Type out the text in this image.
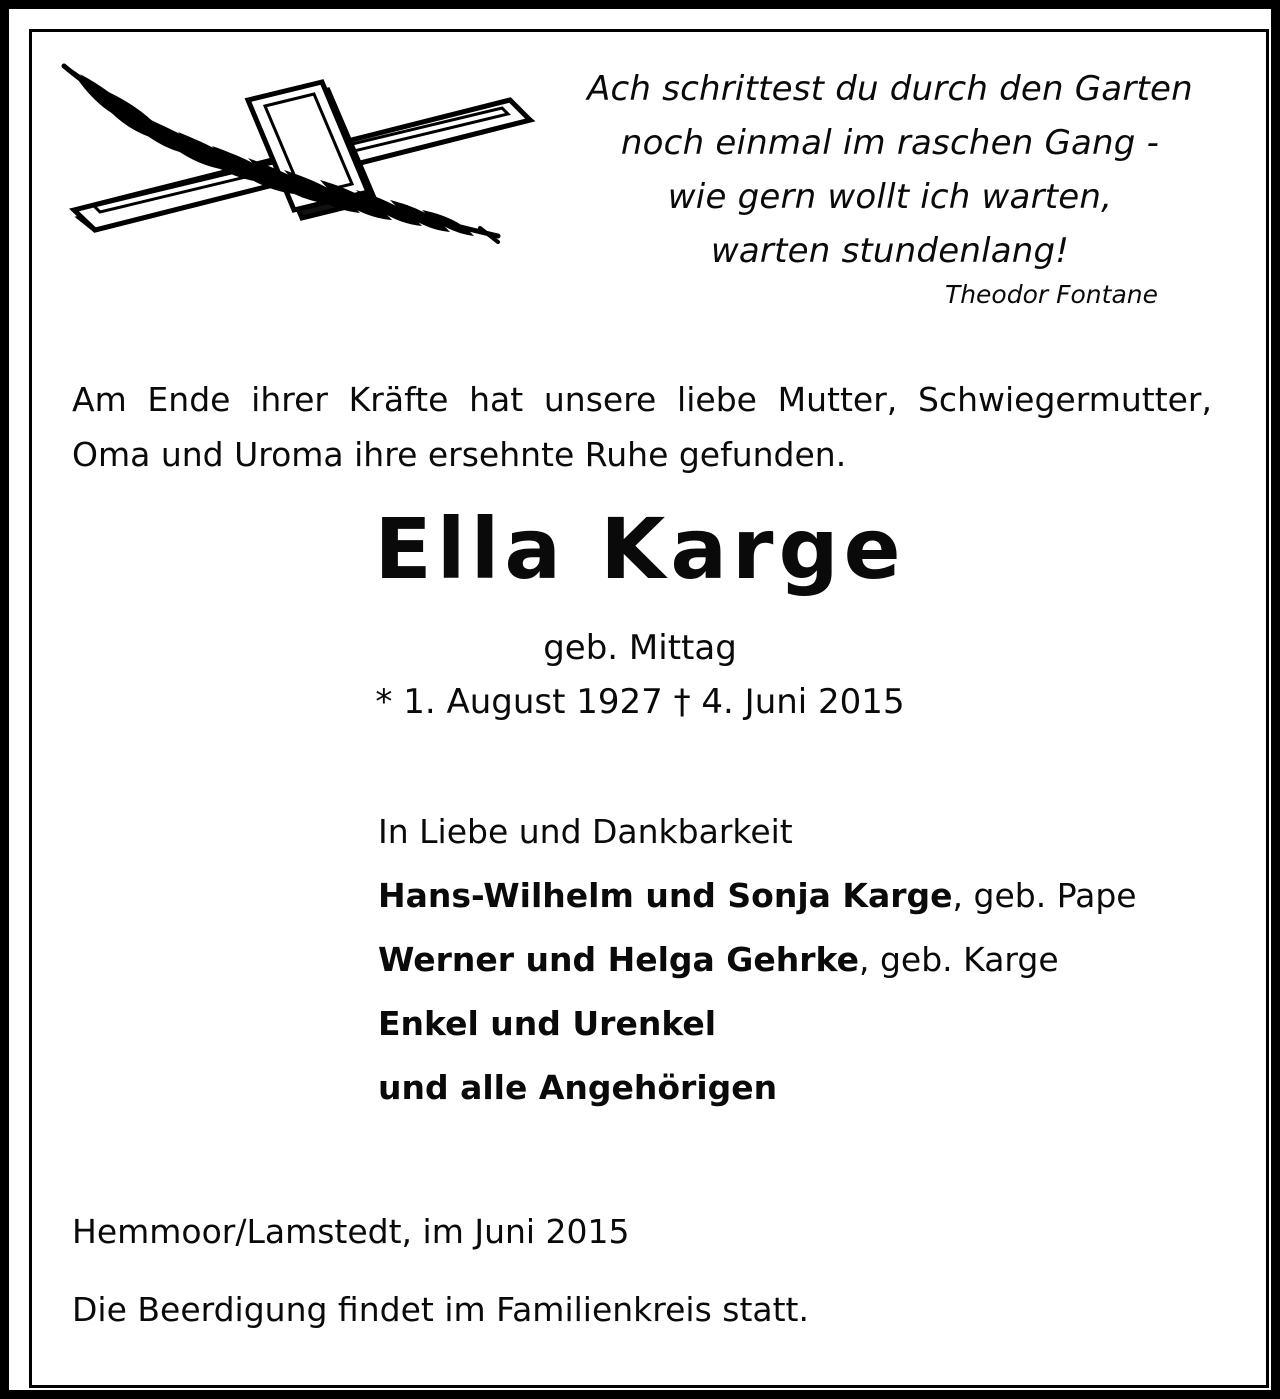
Ach schrittest du durch den Garten
noch einmal im raschen Gang -
wie gern wollt ich warten,
warten stundenlang!
Theodor Fontane
Am Ende ihrer Kräfte hat unsere liebe Mutter, Schwiegermutter, Oma und Uroma ihre ersehnte Ruhe gefunden.
Ella Karge
geb. Mittag
* 1. August 1927 † 4. Juni 2015
In Liebe und Dankbarkeit
Hans-Wilhelm und Sonja Karge, geb. Pape
Werner und Helga Gehrke, geb. Karge
Enkel und Urenkel
und alle Angehörigen
Hemmoor/Lamstedt, im Juni 2015
Die Beerdigung findet im Familienkreis statt.
